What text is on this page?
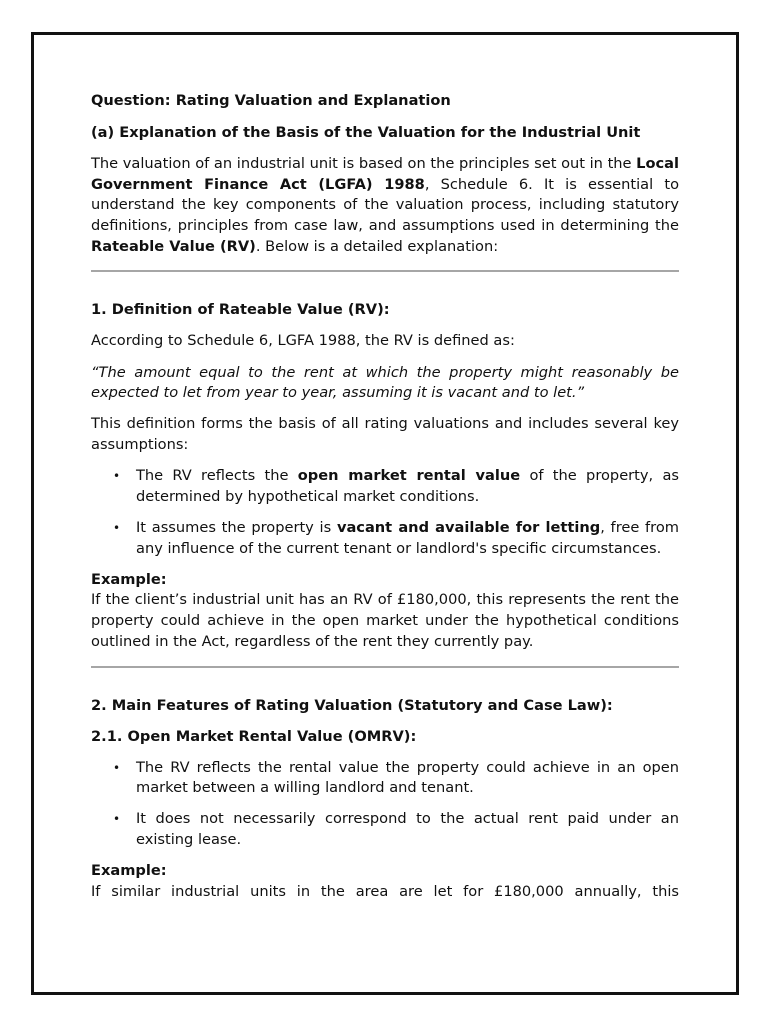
Question: Rating Valuation and Explanation

(a) Explanation of the Basis of the Valuation for the Industrial Unit

The valuation of an industrial unit is based on the principles set out in the Local Government Finance Act (LGFA) 1988, Schedule 6. It is essential to understand the key components of the valuation process, including statutory definitions, principles from case law, and assumptions used in determining the Rateable Value (RV). Below is a detailed explanation:

1. Definition of Rateable Value (RV):

According to Schedule 6, LGFA 1988, the RV is defined as:

“The amount equal to the rent at which the property might reasonably be expected to let from year to year, assuming it is vacant and to let.”

This definition forms the basis of all rating valuations and includes several key assumptions:

• The RV reflects the open market rental value of the property, as determined by hypothetical market conditions.
• It assumes the property is vacant and available for letting, free from any influence of the current tenant or landlord's specific circumstances.

Example:

If the client’s industrial unit has an RV of £180,000, this represents the rent the property could achieve in the open market under the hypothetical conditions outlined in the Act, regardless of the rent they currently pay.

2. Main Features of Rating Valuation (Statutory and Case Law):

2.1. Open Market Rental Value (OMRV):

• The RV reflects the rental value the property could achieve in an open market between a willing landlord and tenant.
• It does not necessarily correspond to the actual rent paid under an existing lease.

Example:

If similar industrial units in the area are let for £180,000 annually, this
